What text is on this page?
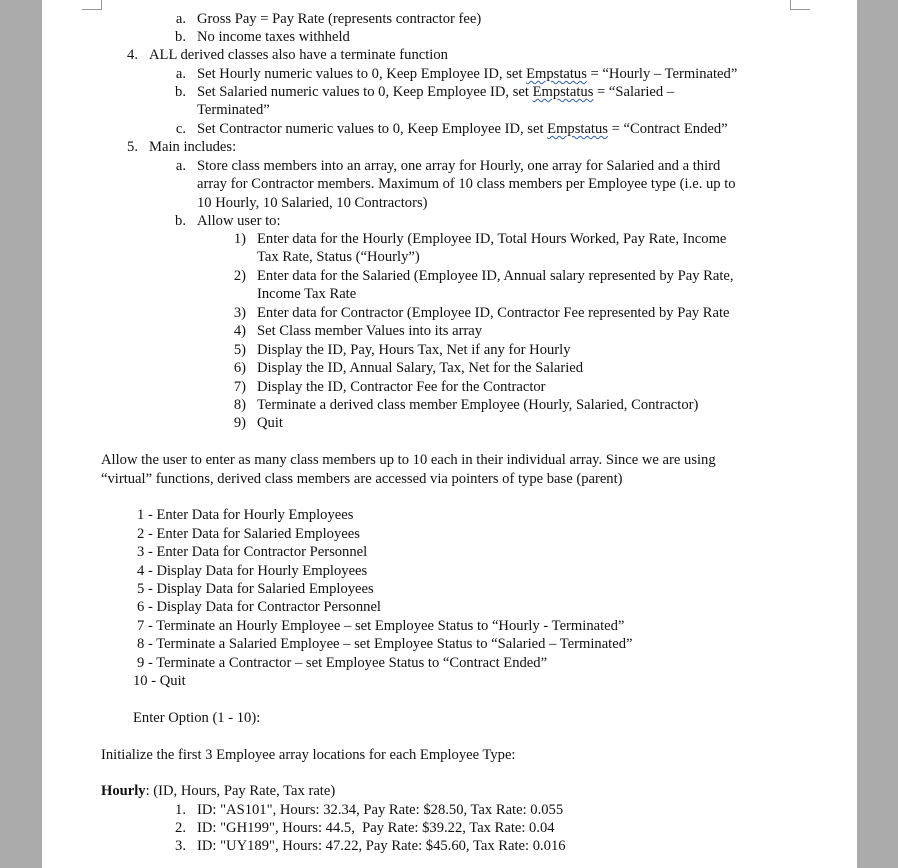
a. Gross Pay = Pay Rate (represents contractor fee)
b. No income taxes withheld
4. ALL derived classes also have a terminate function
a. Set Hourly numeric values to 0, Keep Employee ID, set Empstatus = “Hourly – Terminated”
b. Set Salaried numeric values to 0, Keep Employee ID, set Empstatus = “Salaried –
Terminated”
c. Set Contractor numeric values to 0, Keep Employee ID, set Empstatus = “Contract Ended”
5. Main includes:
a. Store class members into an array, one array for Hourly, one array for Salaried and a third
array for Contractor members. Maximum of 10 class members per Employee type (i.e. up to
10 Hourly, 10 Salaried, 10 Contractors)
b. Allow user to:
1) Enter data for the Hourly (Employee ID, Total Hours Worked, Pay Rate, Income
Tax Rate, Status (“Hourly”)
2) Enter data for the Salaried (Employee ID, Annual salary represented by Pay Rate,
Income Tax Rate
3) Enter data for Contractor (Employee ID, Contractor Fee represented by Pay Rate
4) Set Class member Values into its array
5) Display the ID, Pay, Hours Tax, Net if any for Hourly
6) Display the ID, Annual Salary, Tax, Net for the Salaried
7) Display the ID, Contractor Fee for the Contractor
8) Terminate a derived class member Employee (Hourly, Salaried, Contractor)
9) Quit
Allow the user to enter as many class members up to 10 each in their individual array. Since we are using
“virtual” functions, derived class members are accessed via pointers of type base (parent)
1 - Enter Data for Hourly Employees
2 - Enter Data for Salaried Employees
3 - Enter Data for Contractor Personnel
4 - Display Data for Hourly Employees
5 - Display Data for Salaried Employees
6 - Display Data for Contractor Personnel
7 - Terminate an Hourly Employee – set Employee Status to “Hourly - Terminated”
8 - Terminate a Salaried Employee – set Employee Status to “Salaried – Terminated”
9 - Terminate a Contractor – set Employee Status to “Contract Ended”
10 - Quit
Enter Option (1 - 10):
Initialize the first 3 Employee array locations for each Employee Type:
Hourly: (ID, Hours, Pay Rate, Tax rate)
1. ID: "AS101", Hours: 32.34, Pay Rate: $28.50, Tax Rate: 0.055
2. ID: "GH199", Hours: 44.5,  Pay Rate: $39.22, Tax Rate: 0.04
3. ID: "UY189", Hours: 47.22, Pay Rate: $45.60, Tax Rate: 0.016
